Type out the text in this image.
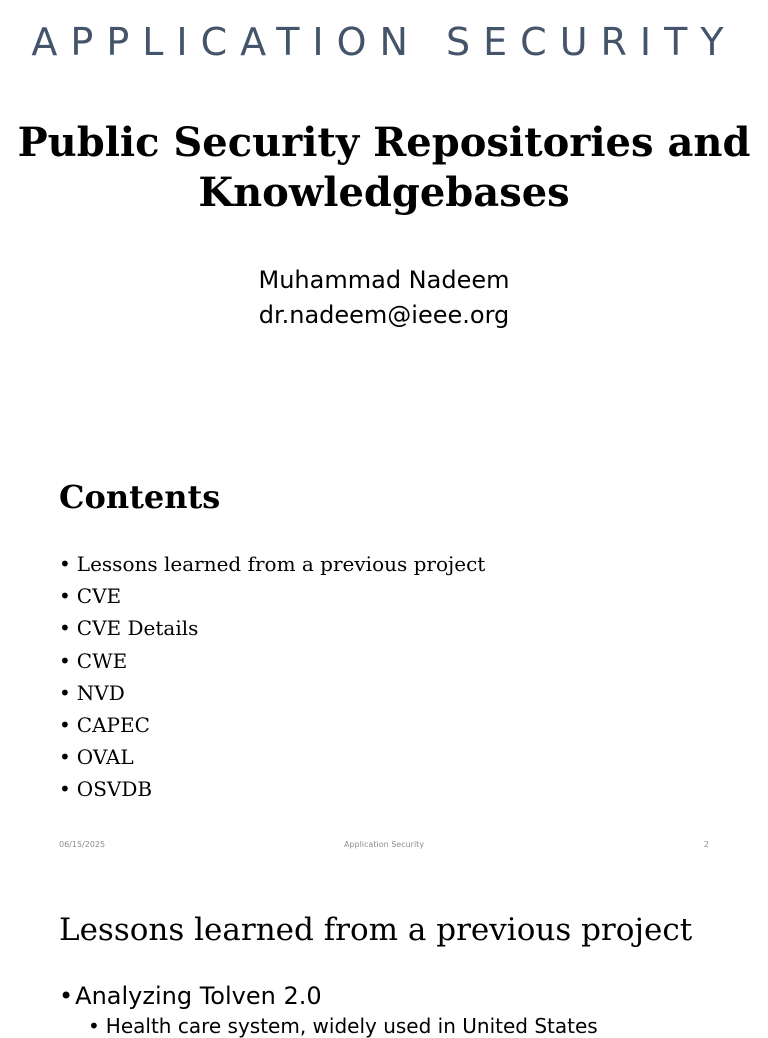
APPLICATION SECURITY
Public Security Repositories and Knowledgebases
Muhammad Nadeem
dr.nadeem@ieee.org
Contents
• Lessons learned from a previous project
• CVE
• CVE Details
• CWE
• NVD
• CAPEC
• OVAL
• OSVDB
06/15/2025	Application Security	2
Lessons learned from a previous project
• Analyzing Tolven 2.0
• Health care system, widely used in United States
